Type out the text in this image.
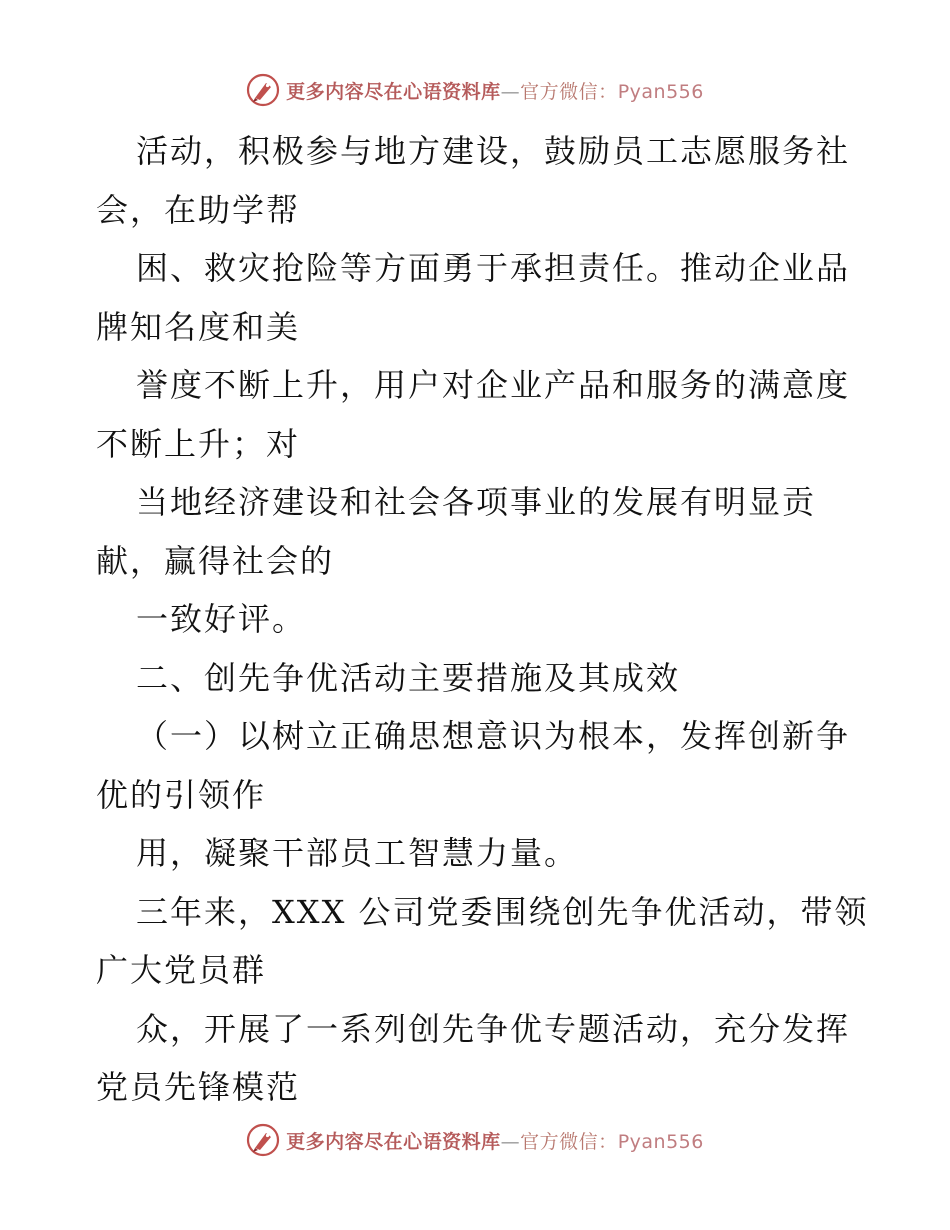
更多内容尽在心语资料库—官方微信：Pyan556
活动，积极参与地方建设，鼓励员工志愿服务社
会，在助学帮
困、救灾抢险等方面勇于承担责任。推动企业品
牌知名度和美
誉度不断上升，用户对企业产品和服务的满意度
不断上升；对
当地经济建设和社会各项事业的发展有明显贡
献，赢得社会的
一致好评。
二、创先争优活动主要措施及其成效
（一）以树立正确思想意识为根本，发挥创新争
优的引领作
用，凝聚干部员工智慧力量。
三年来，XXX 公司党委围绕创先争优活动，带领
广大党员群
众，开展了一系列创先争优专题活动，充分发挥
党员先锋模范
更多内容尽在心语资料库—官方微信：Pyan556
